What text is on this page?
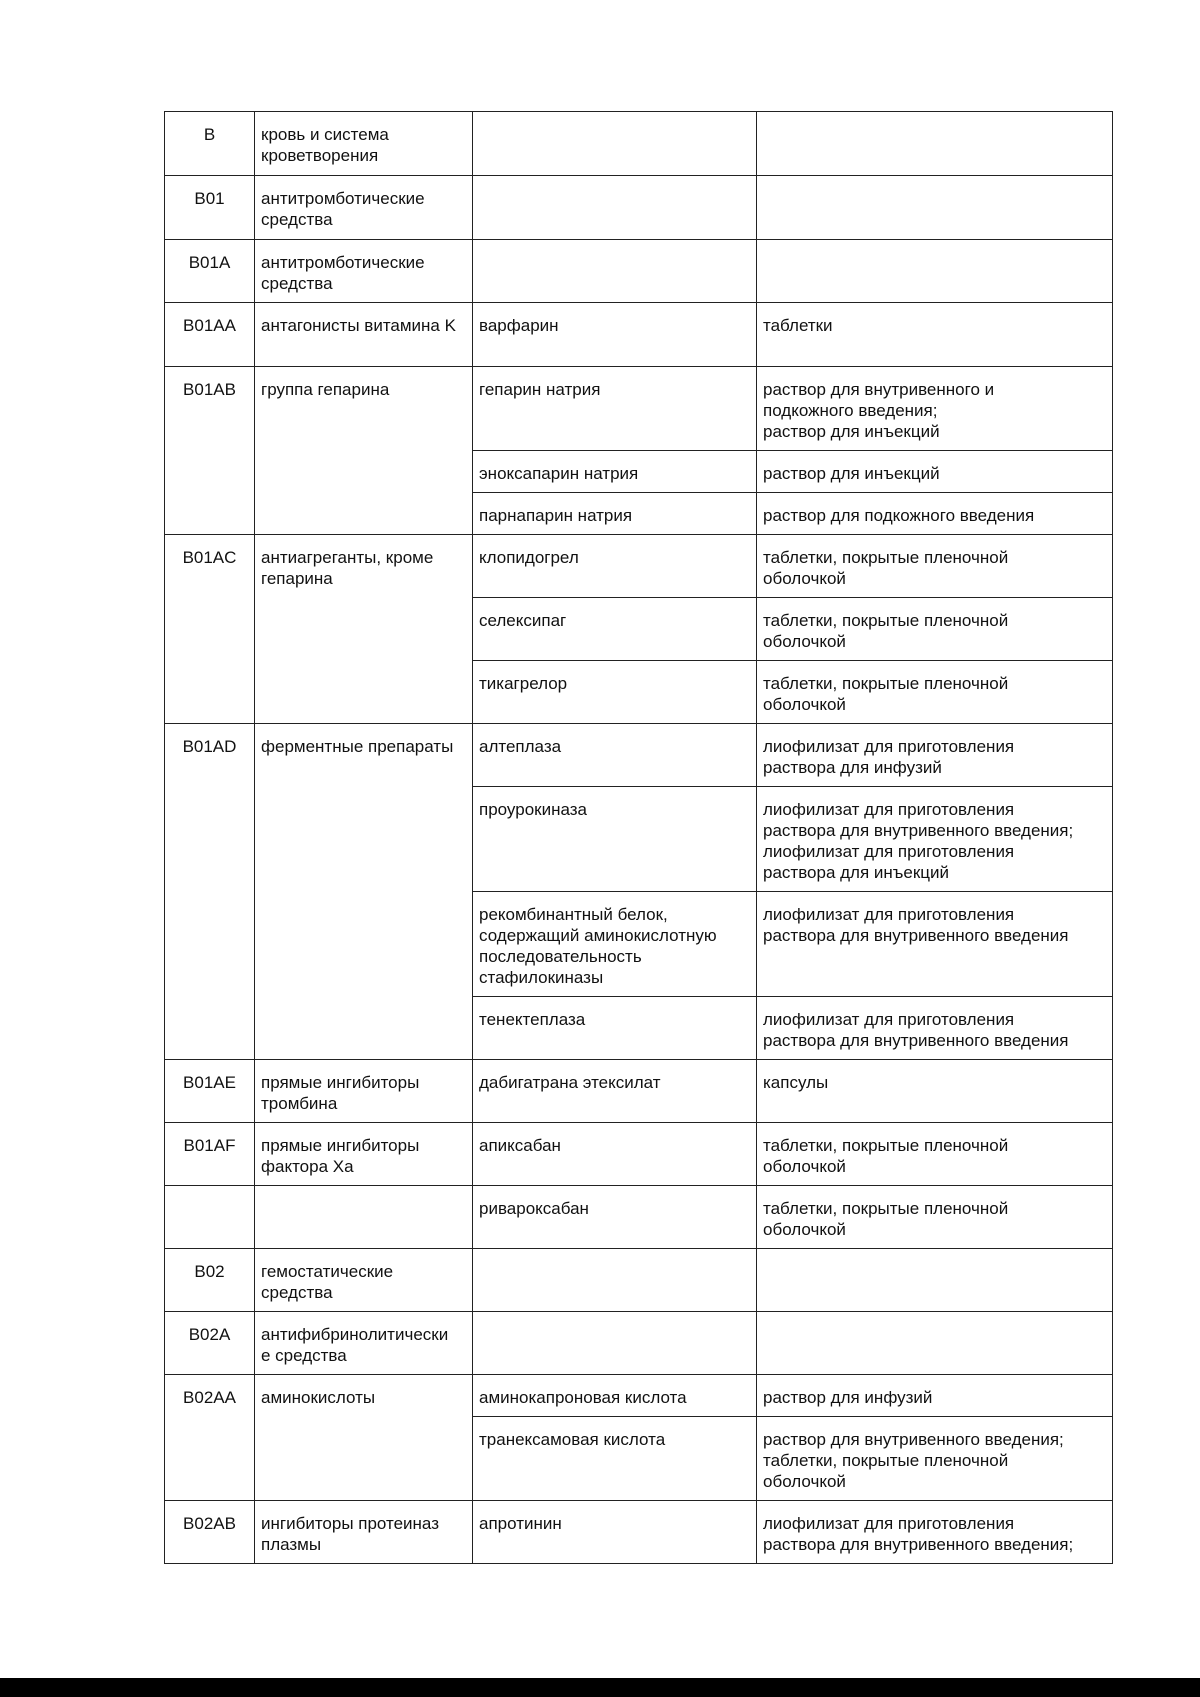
B	кровь и система кроветворения		
B01	антитромботические средства		
B01A	антитромботические средства		
B01AA	антагонисты витамина K	варфарин	таблетки
B01AB	группа гепарина	гепарин натрия	раствор для внутривенного и
подкожного введения;
раствор для инъекций
		эноксапарин натрия	раствор для инъекций
		парнапарин натрия	раствор для подкожного введения
B01AC	антиагреганты, кроме гепарина	клопидогрел	таблетки, покрытые пленочной
оболочкой
		селексипаг	таблетки, покрытые пленочной
оболочкой
		тикагрелор	таблетки, покрытые пленочной
оболочкой
B01AD	ферментные препараты	алтеплаза	лиофилизат для приготовления
раствора для инфузий
		проурокиназа	лиофилизат для приготовления
раствора для внутривенного введения;
лиофилизат для приготовления
раствора для инъекций
		рекомбинантный белок,
содержащий аминокислотную
последовательность
стафилокиназы	лиофилизат для приготовления
раствора для внутривенного введения
		тенектеплаза	лиофилизат для приготовления
раствора для внутривенного введения
B01AE	прямые ингибиторы тромбина	дабигатрана этексилат	капсулы
B01AF	прямые ингибиторы фактора Xa	апиксабан	таблетки, покрытые пленочной
оболочкой
		ривароксабан	таблетки, покрытые пленочной
оболочкой
B02	гемостатические средства		
B02A	антифибринолитически
е средства		
B02AA	аминокислоты	аминокапроновая кислота	раствор для инфузий
		транексамовая кислота	раствор для внутривенного введения;
таблетки, покрытые пленочной
оболочкой
B02AB	ингибиторы протеиназ плазмы	апротинин	лиофилизат для приготовления
раствора для внутривенного введения;
